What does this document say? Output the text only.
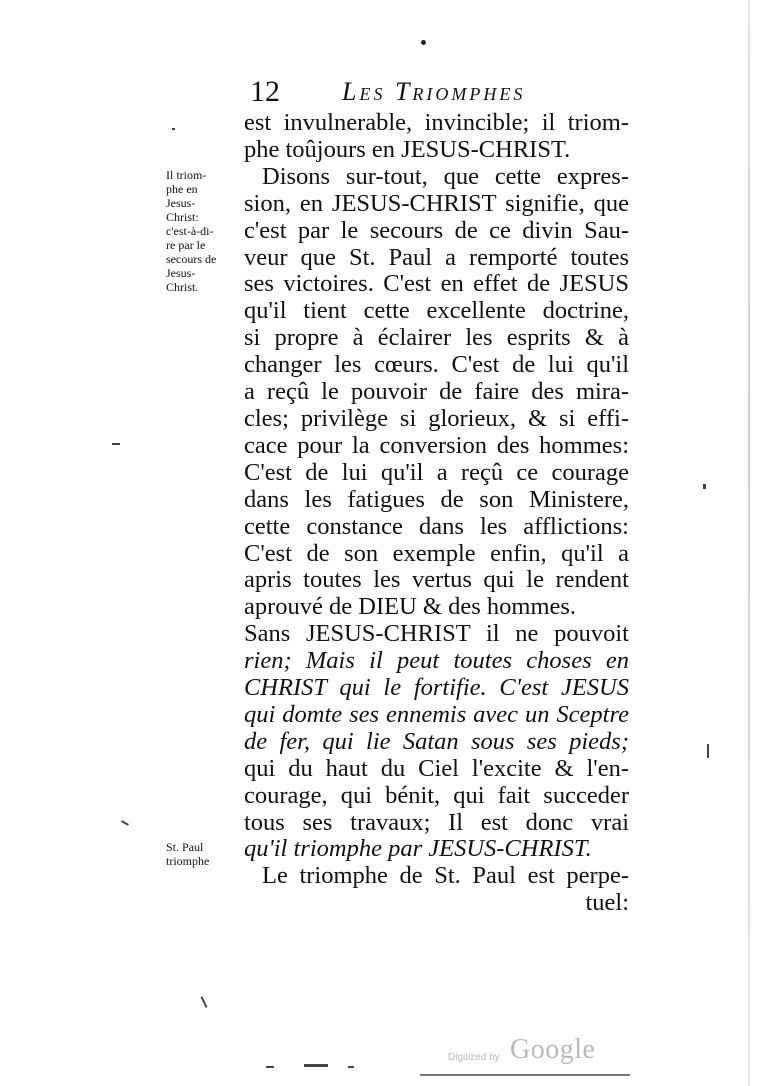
12 Les Triomphes
Il triom-
phe en
Jesus-
Christ:
c'est-à-di-
re par le
secours de
Jesus-
Christ.
St. Paul
triomphe
est invulnerable, invincible; il triom-
phe toûjours en JESUS-CHRIST.
Disons sur-tout, que cette expres-
sion, en JESUS-CHRIST signifie, que
c'est par le secours de ce divin Sau-
veur que St. Paul a remporté toutes
ses victoires. C'est en effet de JESUS
qu'il tient cette excellente doctrine,
si propre à éclairer les esprits & à
changer les cœurs. C'est de lui qu'il
a reçû le pouvoir de faire des mira-
cles; privilège si glorieux, & si effi-
cace pour la conversion des hommes:
C'est de lui qu'il a reçû ce courage
dans les fatigues de son Ministere,
cette constance dans les afflictions:
C'est de son exemple enfin, qu'il a
apris toutes les vertus qui le rendent
aprouvé de DIEU & des hommes.
Sans JESUS-CHRIST il ne pouvoit
rien; Mais il peut toutes choses en
CHRIST qui le fortifie. C'est JESUS
qui domte ses ennemis avec un Sceptre
de fer, qui lie Satan sous ses pieds;
qui du haut du Ciel l'excite & l'en-
courage, qui bénit, qui fait succeder
tous ses travaux; Il est donc vrai
qu'il triomphe par JESUS-CHRIST.
Le triomphe de St. Paul est perpe-
tuel:
Digitized by Google
